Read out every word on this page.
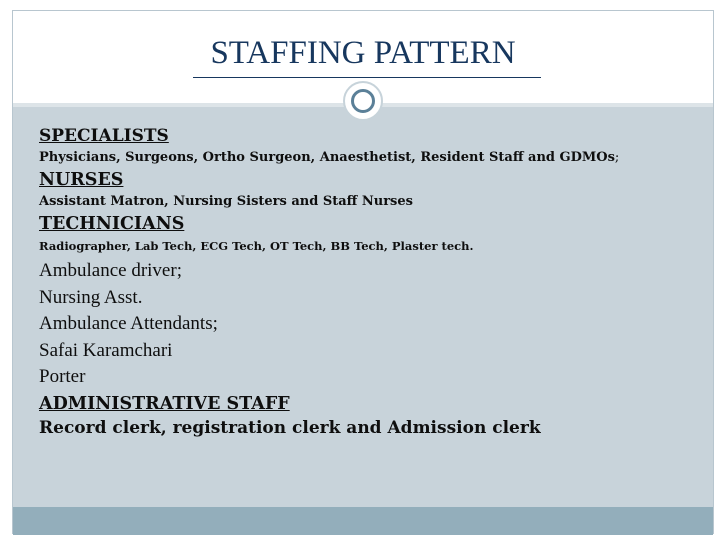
STAFFING PATTERN

SPECIALISTS

Physicians, Surgeons, Ortho Surgeon, Anaesthetist, Resident Staff and GDMOs;

NURSES

Assistant Matron, Nursing Sisters and Staff Nurses

TECHNICIANS

Radiographer, Lab Tech, ECG Tech, OT Tech, BB Tech, Plaster tech.

Ambulance driver;

Nursing Asst.

Ambulance Attendants;

Safai Karamchari

Porter

ADMINISTRATIVE STAFF

Record clerk, registration clerk and Admission clerk
